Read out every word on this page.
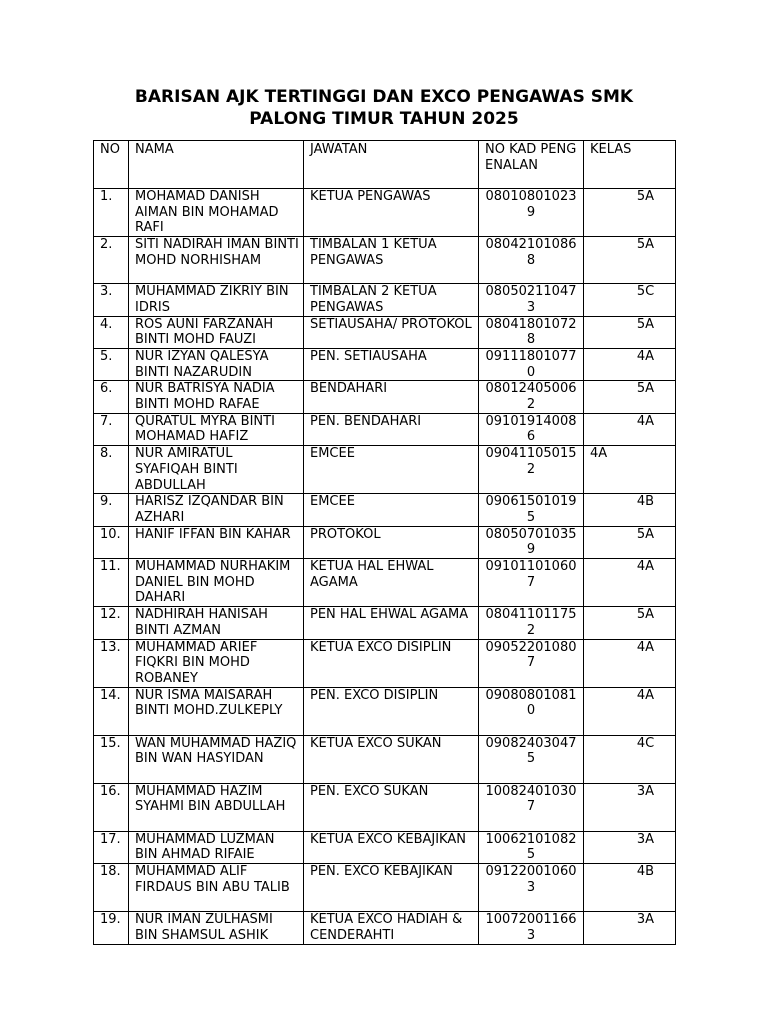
BARISAN AJK TERTINGGI DAN EXCO PENGAWAS SMK
PALONG TIMUR TAHUN 2025
NO	NAMA	JAWATAN	NO KAD PENGENALAN	KELAS
1.	MOHAMAD DANISH AIMAN BIN MOHAMAD RAFI	KETUA PENGAWAS	080108010239	5A
2.	SITI NADIRAH IMAN BINTI MOHD NORHISHAM	TIMBALAN 1 KETUA PENGAWAS	080421010868	5A
3.	MUHAMMAD ZIKRIY BIN IDRIS	TIMBALAN 2 KETUA PENGAWAS	080502110473	5C
4.	ROS AUNI FARZANAH BINTI MOHD FAUZI	SETIAUSAHA/ PROTOKOL	080418010728	5A
5.	NUR IZYAN QALESYA BINTI NAZARUDIN	PEN. SETIAUSAHA	091118010770	4A
6.	NUR BATRISYA NADIA BINTI MOHD RAFAE	BENDAHARI	080124050062	5A
7.	QURATUL MYRA BINTI MOHAMAD HAFIZ	PEN. BENDAHARI	091019140086	4A
8.	NUR AMIRATUL SYAFIQAH BINTI ABDULLAH	EMCEE	090411050152	4A
9.	HARISZ IZQANDAR BIN AZHARI	EMCEE	090615010195	4B
10.	HANIF IFFAN BIN KAHAR	PROTOKOL	080507010359	5A
11.	MUHAMMAD NURHAKIM DANIEL BIN MOHD DAHARI	KETUA HAL EHWAL AGAMA	091011010607	4A
12.	NADHIRAH HANISAH BINTI AZMAN	PEN HAL EHWAL AGAMA	080411011752	5A
13.	MUHAMMAD ARIEF FIQKRI BIN MOHD ROBANEY	KETUA EXCO DISIPLIN	090522010807	4A
14.	NUR ISMA MAISARAH BINTI MOHD.ZULKEPLY	PEN. EXCO DISIPLIN	090808010810	4A
15.	WAN MUHAMMAD HAZIQ BIN WAN HASYIDAN	KETUA EXCO SUKAN	090824030475	4C
16.	MUHAMMAD HAZIM SYAHMI BIN ABDULLAH	PEN. EXCO SUKAN	100824010307	3A
17.	MUHAMMAD LUZMAN BIN AHMAD RIFAIE	KETUA EXCO KEBAJIKAN	100621010825	3A
18.	MUHAMMAD ALIF FIRDAUS BIN ABU TALIB	PEN. EXCO KEBAJIKAN	091220010603	4B
19.	NUR IMAN ZULHASMI BIN SHAMSUL ASHIK	KETUA EXCO HADIAH & CENDERAHTI	100720011663	3A
